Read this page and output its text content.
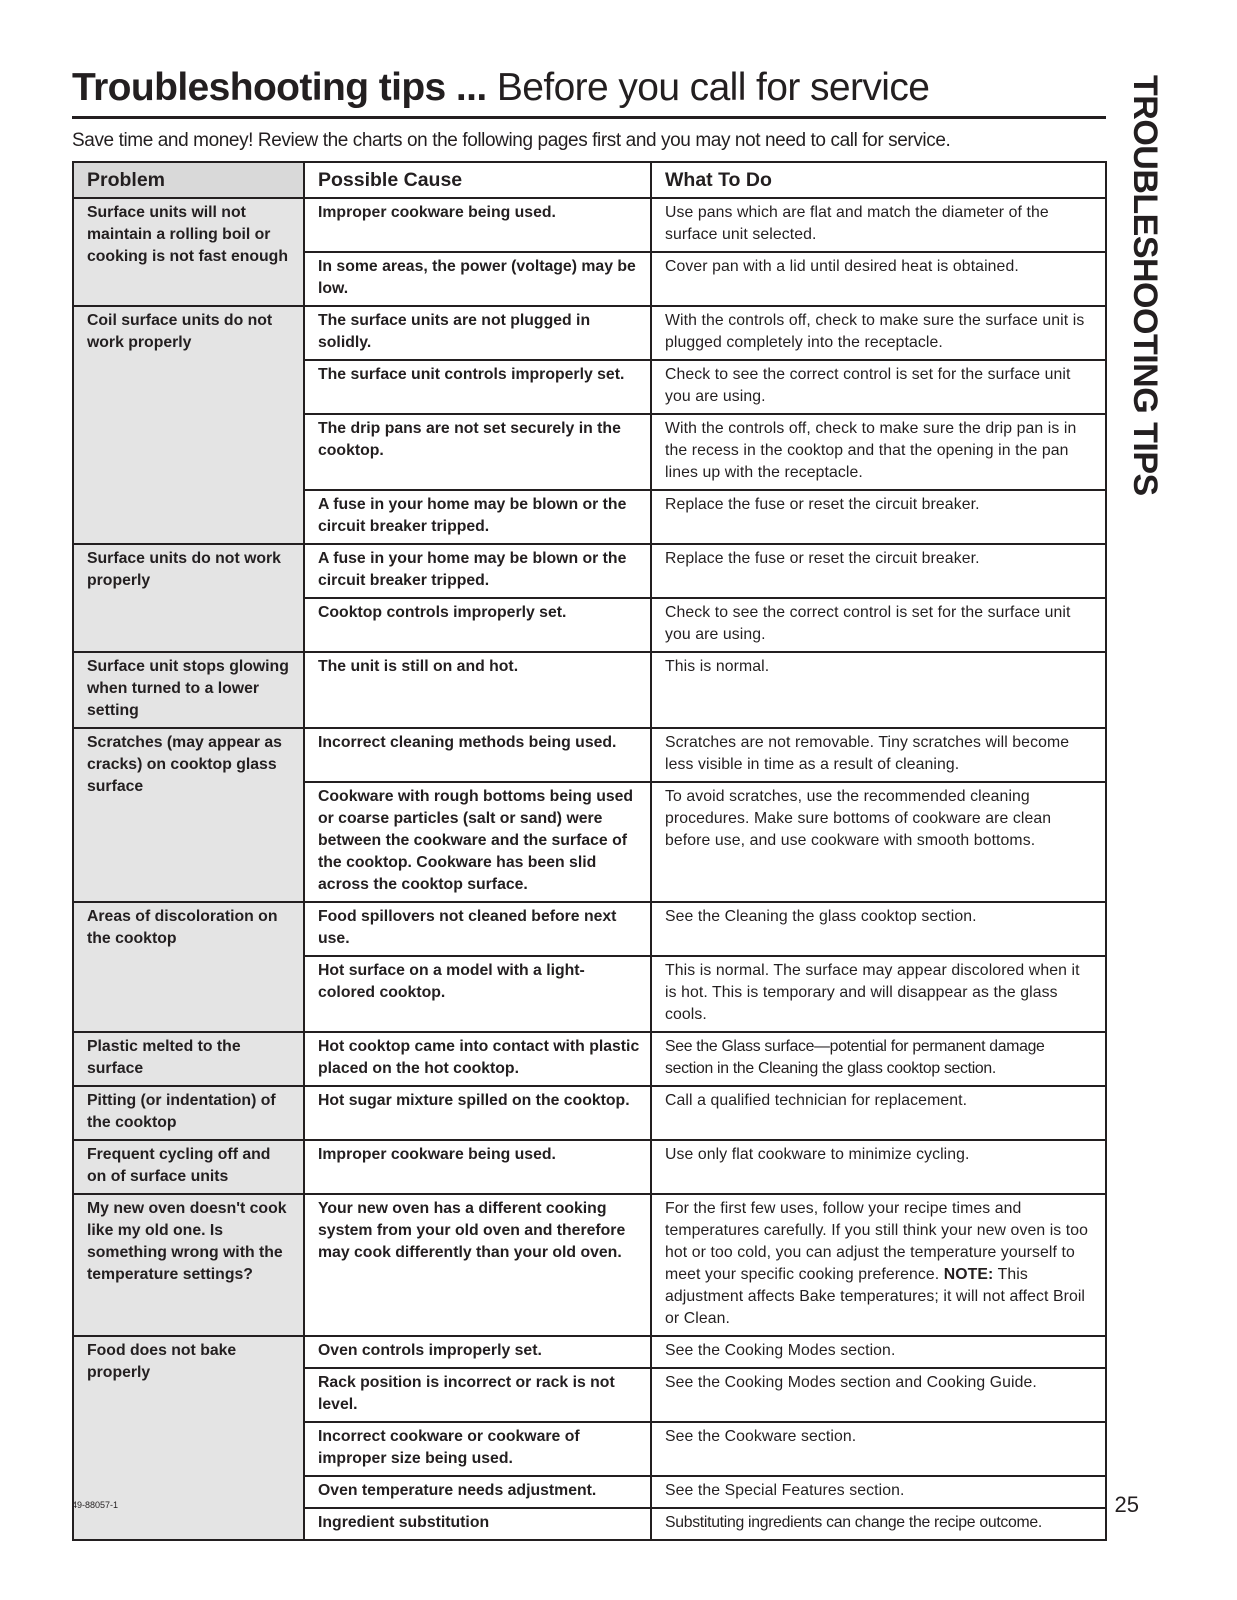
Troubleshooting tips ... Before you call for service

Save time and money! Review the charts on the following pages first and you may not need to call for service.	TROUBLESHOOTING TIPS
Problem	Possible Cause	What To Do
Surface units will not maintain a rolling boil or cooking is not fast enough	Improper cookware being used.	Use pans which are flat and match the diameter of the surface unit selected.
	In some areas, the power (voltage) may be low.	Cover pan with a lid until desired heat is obtained.
Coil surface units do not work properly	The surface units are not plugged in solidly.	With the controls off, check to make sure the surface unit is plugged completely into the receptacle.
	The surface unit controls improperly set.	Check to see the correct control is set for the surface unit you are using.
	The drip pans are not set securely in the cooktop.	With the controls off, check to make sure the drip pan is in the recess in the cooktop and that the opening in the pan lines up with the receptacle.
	A fuse in your home may be blown or the circuit breaker tripped.	Replace the fuse or reset the circuit breaker.
Surface units do not work properly	A fuse in your home may be blown or the circuit breaker tripped.	Replace the fuse or reset the circuit breaker.
	Cooktop controls improperly set.	Check to see the correct control is set for the surface unit you are using.
Surface unit stops glowing when turned to a lower setting	The unit is still on and hot.	This is normal.
Scratches (may appear as cracks) on cooktop glass surface	Incorrect cleaning methods being used.	Scratches are not removable. Tiny scratches will become less visible in time as a result of cleaning.
	Cookware with rough bottoms being used or coarse particles (salt or sand) were between the cookware and the surface of the cooktop. Cookware has been slid across the cooktop surface.	To avoid scratches, use the recommended cleaning procedures. Make sure bottoms of cookware are clean before use, and use cookware with smooth bottoms.
Areas of discoloration on the cooktop	Food spillovers not cleaned before next use.	See the Cleaning the glass cooktop section.
	Hot surface on a model with a light-colored cooktop.	This is normal. The surface may appear discolored when it is hot. This is temporary and will disappear as the glass cools.
Plastic melted to the surface	Hot cooktop came into contact with plastic placed on the hot cooktop.	See the Glass surface—potential for permanent damage section in the Cleaning the glass cooktop section.
Pitting (or indentation) of the cooktop	Hot sugar mixture spilled on the cooktop.	Call a qualified technician for replacement.
Frequent cycling off and on of surface units	Improper cookware being used.	Use only flat cookware to minimize cycling.
My new oven doesn't cook like my old one. Is something wrong with the temperature settings?	Your new oven has a different cooking system from your old oven and therefore may cook differently than your old oven.	For the first few uses, follow your recipe times and temperatures carefully. If you still think your new oven is too hot or too cold, you can adjust the temperature yourself to meet your specific cooking preference. NOTE: This adjustment affects Bake temperatures; it will not affect Broil or Clean.
Food does not bake properly	Oven controls improperly set.	See the Cooking Modes section.
	Rack position is incorrect or rack is not level.	See the Cooking Modes section and Cooking Guide.
	Incorrect cookware or cookware of improper size being used.	See the Cookware section.
	Oven temperature needs adjustment.	See the Special Features section.
	Ingredient substitution	Substituting ingredients can change the recipe outcome.
49-88057-1	25
